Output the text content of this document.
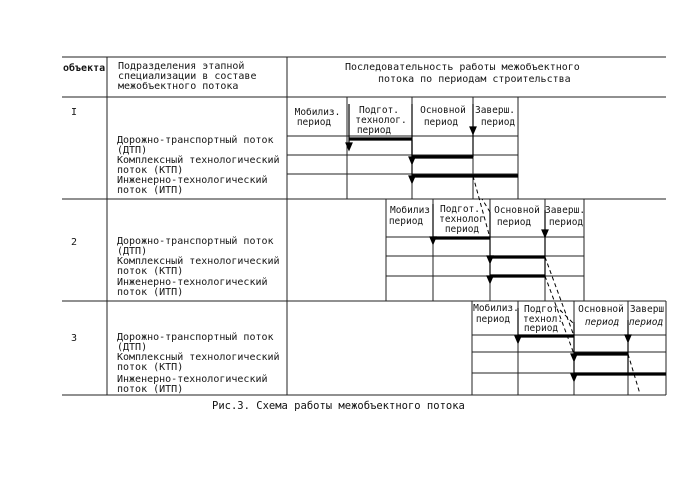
объекта Подразделения этапной
специализации в составе
межобъектного потока
Последовательность работы межобъектного
потока по периодам строительства
I
2
3
Дорожно-транспортный поток
(ДТП)
Комплексный технологический
поток (КТП)
Инженерно-технологический
поток (ИТП)
Дорожно-транспортный поток
(ДТП)
Комплексный технологический
поток (КТП)
Инженерно-технологический
поток (ИТП)
Дорожно-транспортный поток
(ДТП)
Комплексный технологический
поток (КТП)
Инженерно-технологический
поток (ИТП)
Мобилиз.
период
Подгот.
технолог.
период
Основной
период
Заверш.
период
Мобилиз
период
Подгот.
технолог
период
Основной
период
Заверш.
период
Мобилиз.
период
Подгот.
технол.
период
Основной
период
Заверш
период
Рис.3. Схема работы межобъектного потока
